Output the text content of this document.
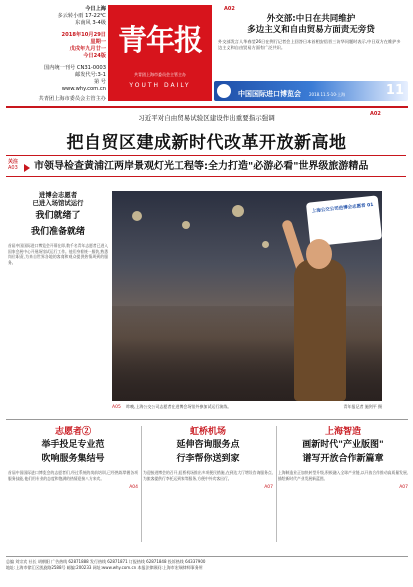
今日上海
多云转小雨 17-22℃
东南风 3-4级
2018年10月29日
星期一
戊戌年九月廿一
今日24版
国内统一刊号 CN31-0003
邮发代号:3-1
第 号
www.why.com.cn
共青团上海市委员会主管主办
青年报
共青团上海市委员会主管主办
YOUTH DAILY
A02
外交部:中日在共同维护
多边主义和自由贸易方面责无旁贷
外交部发言人华春莹26日在例行记者会上回答日本首相安倍晋三访华问题时表示,中日双方在维护多边主义和自由贸易方面有广泛共识。
中国国际进口博览会 2018.11.5-10·上海	11
A02
习近平对自由贸易试验区建设作出重要指示强调
把自贸区建成新时代改革开放新高地
关注
A03 市领导检查黄浦江两岸景观灯光工程等:全力打造"必游必看"世界级旅游精品
进博会志愿者
已进入场馆试运行
我们就绪了
我们准备就绪
首届中国国际进口博览会开幕在即,数千名青年志愿者已进入国家会展中心开展场馆试运行工作。他们身着统一服装,熟悉岗位职责,为来自世界各地的客商和观众提供热情周到的服务。
上海公交公司进博会志愿者 01
A05 昨晚,上海公交公司志愿者在进博会场馆外参加试运行演练。	青年报记者 施剑平 摄
志愿者②
举手投足专业范
吹响服务集结号
首届中国国际进口博览会的志愿者们,经过系统的岗前培训,已经熟练掌握各项服务技能,他们用专业的态度和饱满的热情迎接八方来宾。
A04
虹桥机场
延伸咨询服务点
行李帮你送到家
为迎接进博会的召开,虹桥机场推出多项便民措施,在到达大厅增设咨询服务点,为旅客提供行李托运到家等服务,方便中外宾客出行。
A07
上海智造
画新时代"产业版图"
谱写开放合作新篇章
上海制造业正加快转型升级,积极融入全球产业链,以开放合作推动高质量发展,描绘新时代产业发展新蓝图。
A07
总编 刘宗宾 社长 胡朝阳 广告热线 62871888 发行热线 62871871 订报热线 62871848 投诉热线 64337900
地址:上海市徐汇区凯旋路2588号 邮编:200233 网址:www.why.com.cn 本报法律顾问:上海市宏瑞律师事务所
